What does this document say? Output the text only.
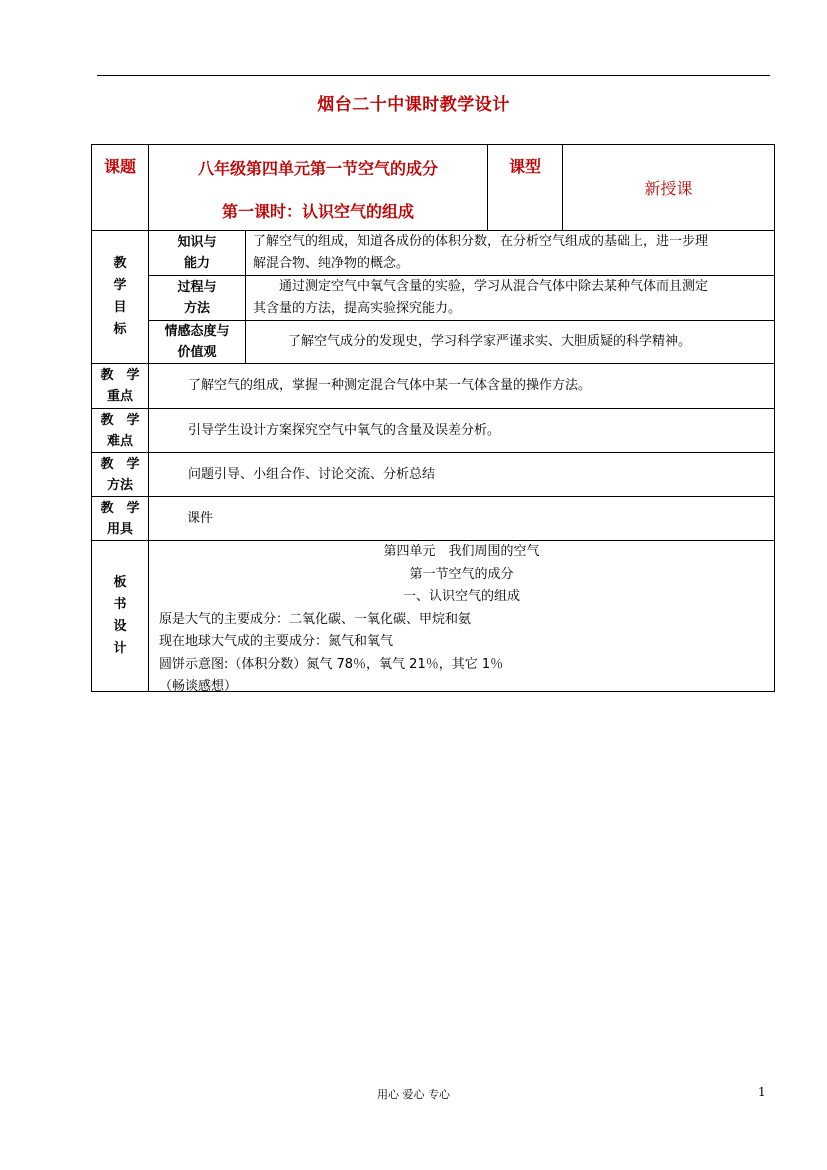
烟台二十中课时教学设计
课题	八年级第四单元第一节空气的成分
第一课时：认识空气的组成
课型
新授课
教
学
目
标
知识与
能力
了解空气的组成，知道各成份的体积分数，在分析空气组成的基础上，进一步理
解混合物、纯净物的概念。
过程与
方法
　　通过测定空气中氧气含量的实验，学习从混合气体中除去某种气体而且测定
其含量的方法，提高实验探究能力。
情感态度与
价值观
了解空气成分的发现史，学习科学家严谨求实、大胆质疑的科学精神。
教　学
重点
了解空气的组成，掌握一种测定混合气体中某一气体含量的操作方法。
教　学
难点
引导学生设计方案探究空气中氧气的含量及误差分析。
教　学
方法
问题引导、小组合作、讨论交流、分析总结
教　学
用具
课件
板
书
设
计
第四单元　我们周围的空气
第一节空气的成分
一、认识空气的组成
原是大气的主要成分：二氧化碳、一氧化碳、甲烷和氨
现在地球大气成的主要成分：氮气和氧气
圆饼示意图:（体积分数）氮气 78％，氧气 21％，其它 1％
（畅谈感想）
用心 爱心 专心	1
